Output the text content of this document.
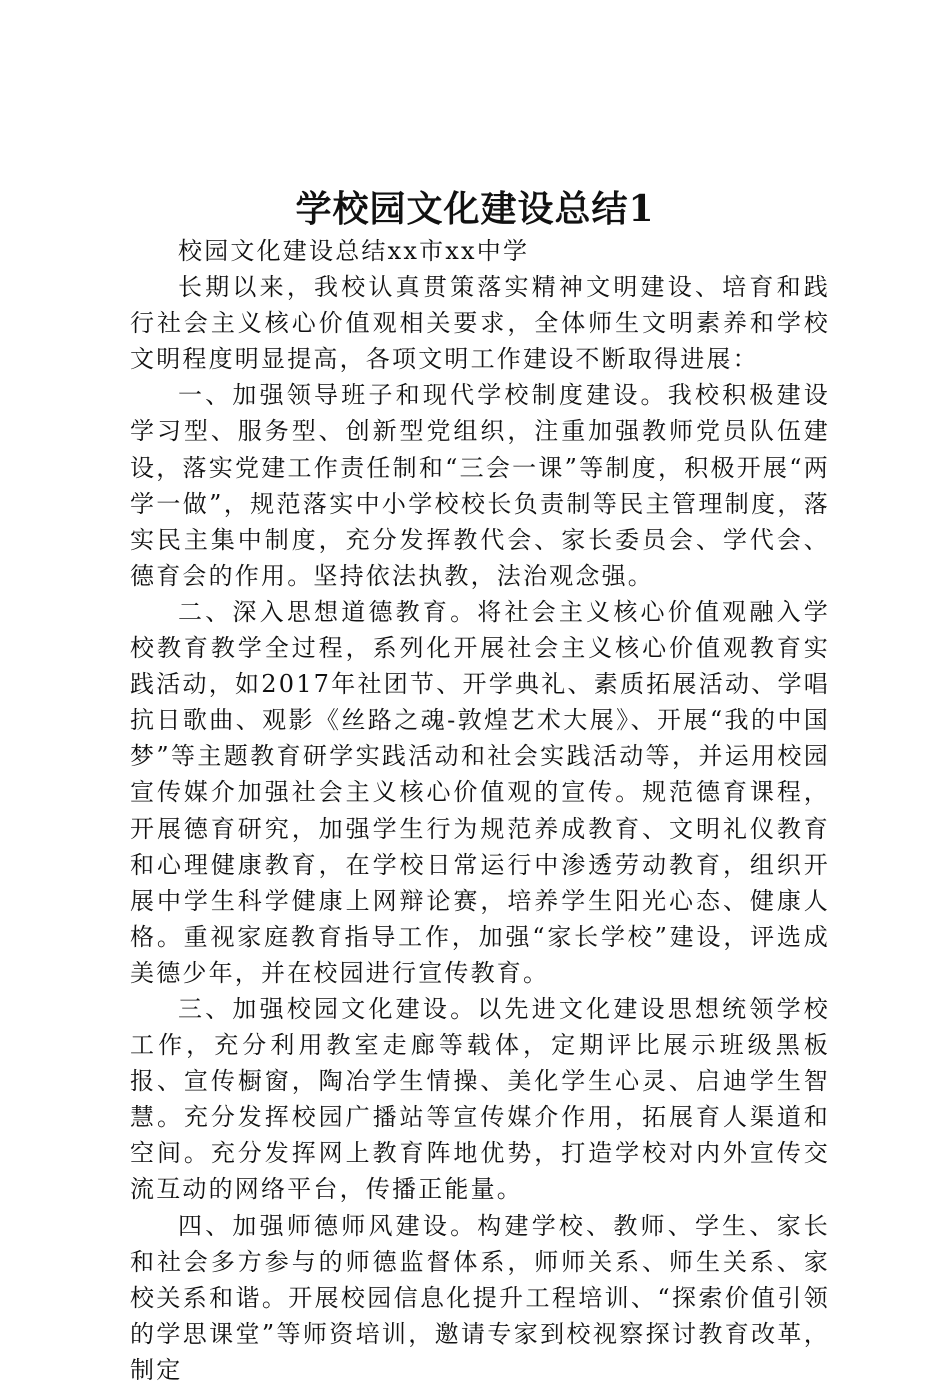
学校园文化建设总结1

校园文化建设总结xx市xx中学

长期以来，我校认真贯策落实精神文明建设、培育和践行社会主义核心价值观相关要求，全体师生文明素养和学校文明程度明显提高，各项文明工作建设不断取得进展：

一、加强领导班子和现代学校制度建设。我校积极建设学习型、服务型、创新型党组织，注重加强教师党员队伍建设，落实党建工作责任制和“三会一课”等制度，积极开展“两学一做”，规范落实中小学校校长负责制等民主管理制度，落实民主集中制度，充分发挥教代会、家长委员会、学代会、德育会的作用。坚持依法执教，法治观念强。

二、深入思想道德教育。将社会主义核心价值观融入学校教育教学全过程，系列化开展社会主义核心价值观教育实践活动，如2017年社团节、开学典礼、素质拓展活动、学唱抗日歌曲、观影《丝路之魂-敦煌艺术大展》、开展“我的中国梦”等主题教育研学实践活动和社会实践活动等，并运用校园宣传媒介加强社会主义核心价值观的宣传。规范德育课程，开展德育研究，加强学生行为规范养成教育、文明礼仪教育和心理健康教育，在学校日常运行中渗透劳动教育，组织开展中学生科学健康上网辩论赛，培养学生阳光心态、健康人格。重视家庭教育指导工作，加强“家长学校”建设，评选成美德少年，并在校园进行宣传教育。

三、加强校园文化建设。以先进文化建设思想统领学校工作，充分利用教室走廊等载体，定期评比展示班级黑板报、宣传橱窗，陶冶学生情操、美化学生心灵、启迪学生智慧。充分发挥校园广播站等宣传媒介作用，拓展育人渠道和空间。充分发挥网上教育阵地优势，打造学校对内外宣传交流互动的网络平台，传播正能量。

四、加强师德师风建设。构建学校、教师、学生、家长和社会多方参与的师德监督体系，师师关系、师生关系、家校关系和谐。开展校园信息化提升工程培训、“探索价值引领的学思课堂”等师资培训，邀请专家到校视察探讨教育改革，制定
